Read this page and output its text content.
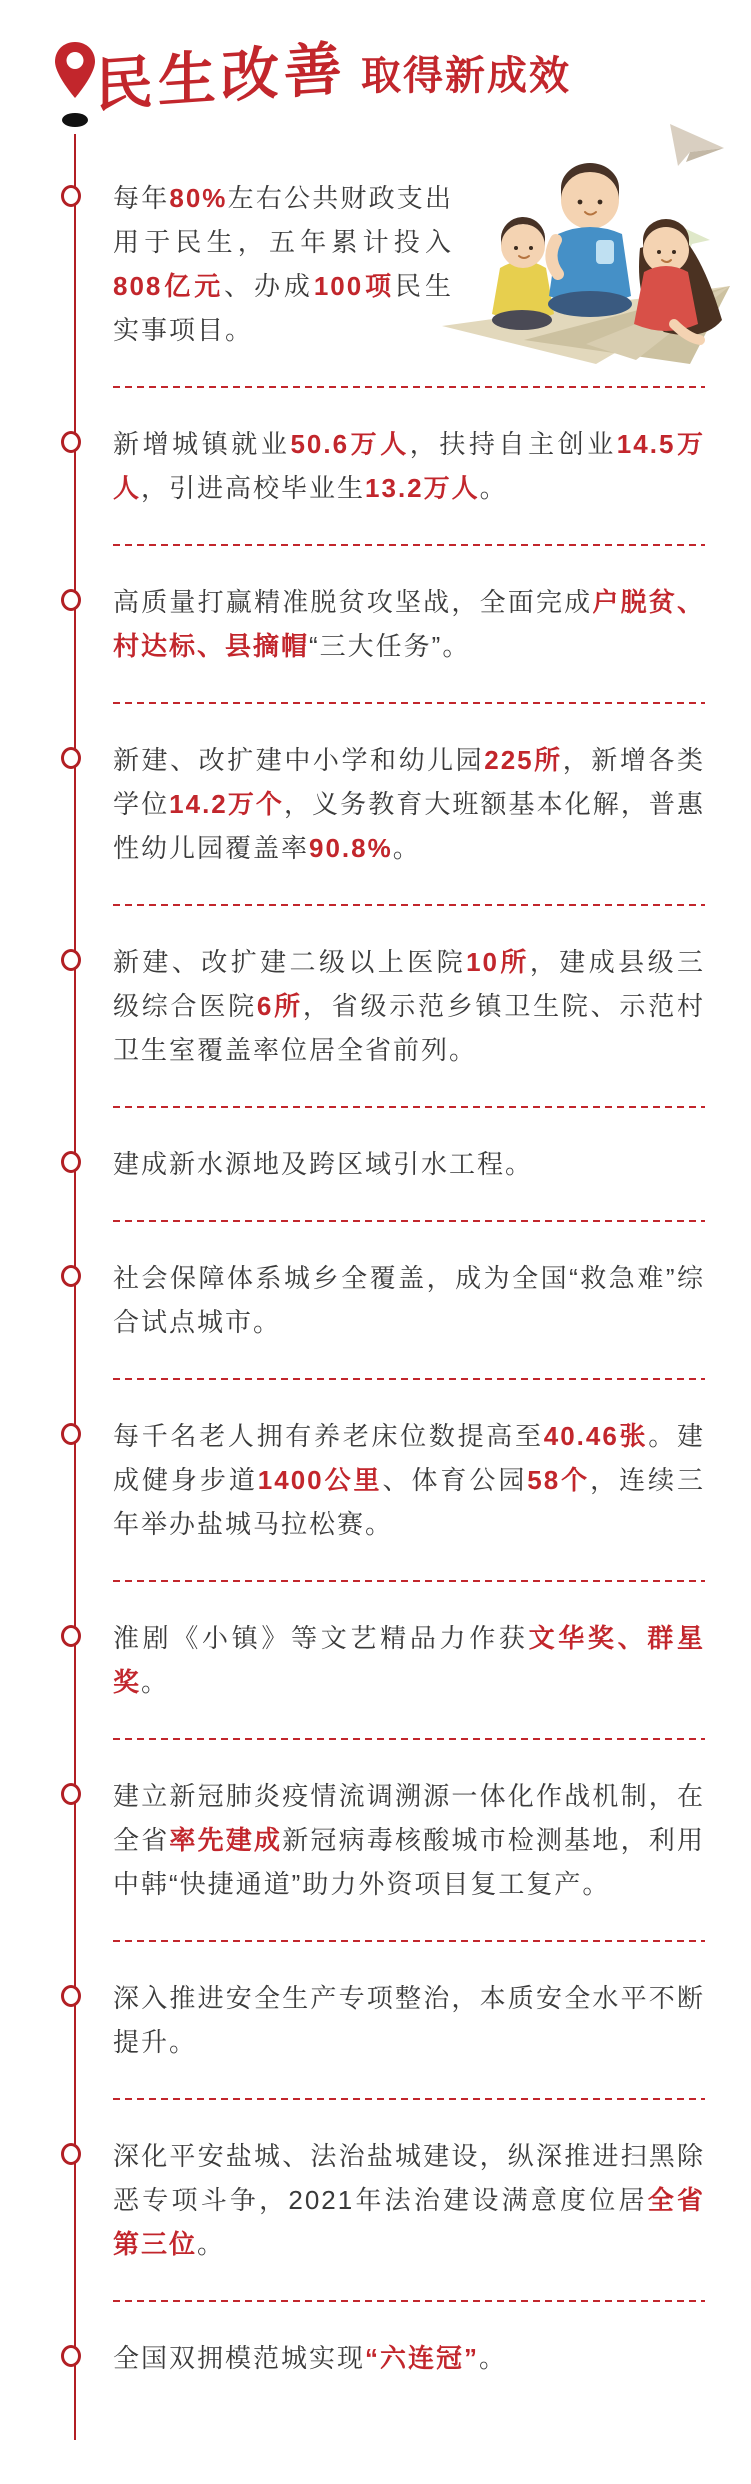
民生改善 取得新成效

每年80%左右公共财政支出用于民生，五年累计投入808亿元、办成100项民生实事项目。

新增城镇就业50.6万人，扶持自主创业14.5万人，引进高校毕业生13.2万人。

高质量打赢精准脱贫攻坚战，全面完成户脱贫、村达标、县摘帽“三大任务”。

新建、改扩建中小学和幼儿园225所，新增各类学位14.2万个，义务教育大班额基本化解，普惠性幼儿园覆盖率90.8%。

新建、改扩建二级以上医院10所，建成县级三级综合医院6所，省级示范乡镇卫生院、示范村卫生室覆盖率位居全省前列。

建成新水源地及跨区域引水工程。

社会保障体系城乡全覆盖，成为全国“救急难”综合试点城市。

每千名老人拥有养老床位数提高至40.46张。建成健身步道1400公里、体育公园58个，连续三年举办盐城马拉松赛。

淮剧《小镇》等文艺精品力作获文华奖、群星奖。

建立新冠肺炎疫情流调溯源一体化作战机制，在全省率先建成新冠病毒核酸城市检测基地，利用中韩“快捷通道”助力外资项目复工复产。

深入推进安全生产专项整治，本质安全水平不断提升。

深化平安盐城、法治盐城建设，纵深推进扫黑除恶专项斗争，2021年法治建设满意度位居全省第三位。

全国双拥模范城实现“六连冠”。
